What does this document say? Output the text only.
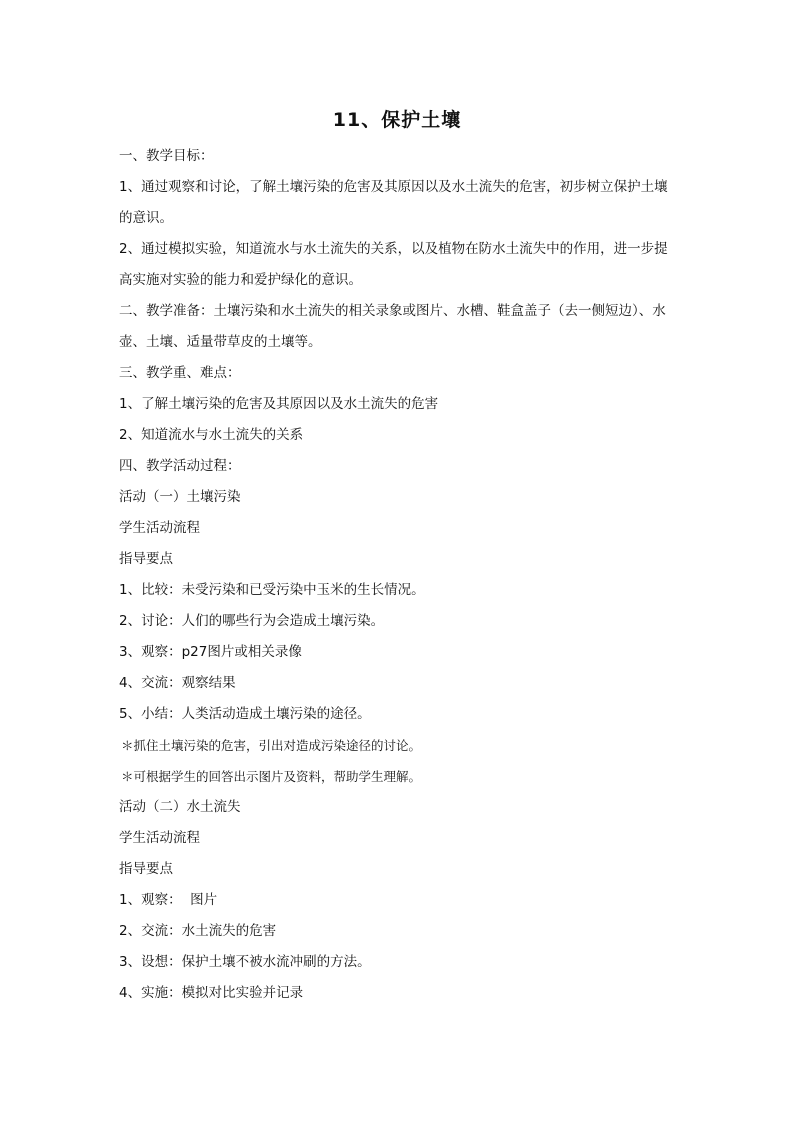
11、保护土壤
一、教学目标：
1、通过观察和讨论，了解土壤污染的危害及其原因以及水土流失的危害，初步树立保护土壤的意识。
2、通过模拟实验，知道流水与水土流失的关系，以及植物在防水土流失中的作用，进一步提高实施对实验的能力和爱护绿化的意识。
二、教学准备：土壤污染和水土流失的相关录象或图片、水槽、鞋盒盖子（去一侧短边）、水壶、土壤、适量带草皮的土壤等。
三、教学重、难点：
1、了解土壤污染的危害及其原因以及水土流失的危害
2、知道流水与水土流失的关系
四、教学活动过程：
活动（一）土壤污染
学生活动流程
指导要点
1、比较：未受污染和已受污染中玉米的生长情况。
2、讨论：人们的哪些行为会造成土壤污染。
3、观察：p27图片或相关录像
4、交流：观察结果
5、小结：人类活动造成土壤污染的途径。
＊抓住土壤污染的危害，引出对造成污染途径的讨论。
＊可根据学生的回答出示图片及资料，帮助学生理解。
活动（二）水土流失
学生活动流程
指导要点
1、观察：  图片
2、交流：水土流失的危害
3、设想：保护土壤不被水流冲刷的方法。
4、实施：模拟对比实验并记录
